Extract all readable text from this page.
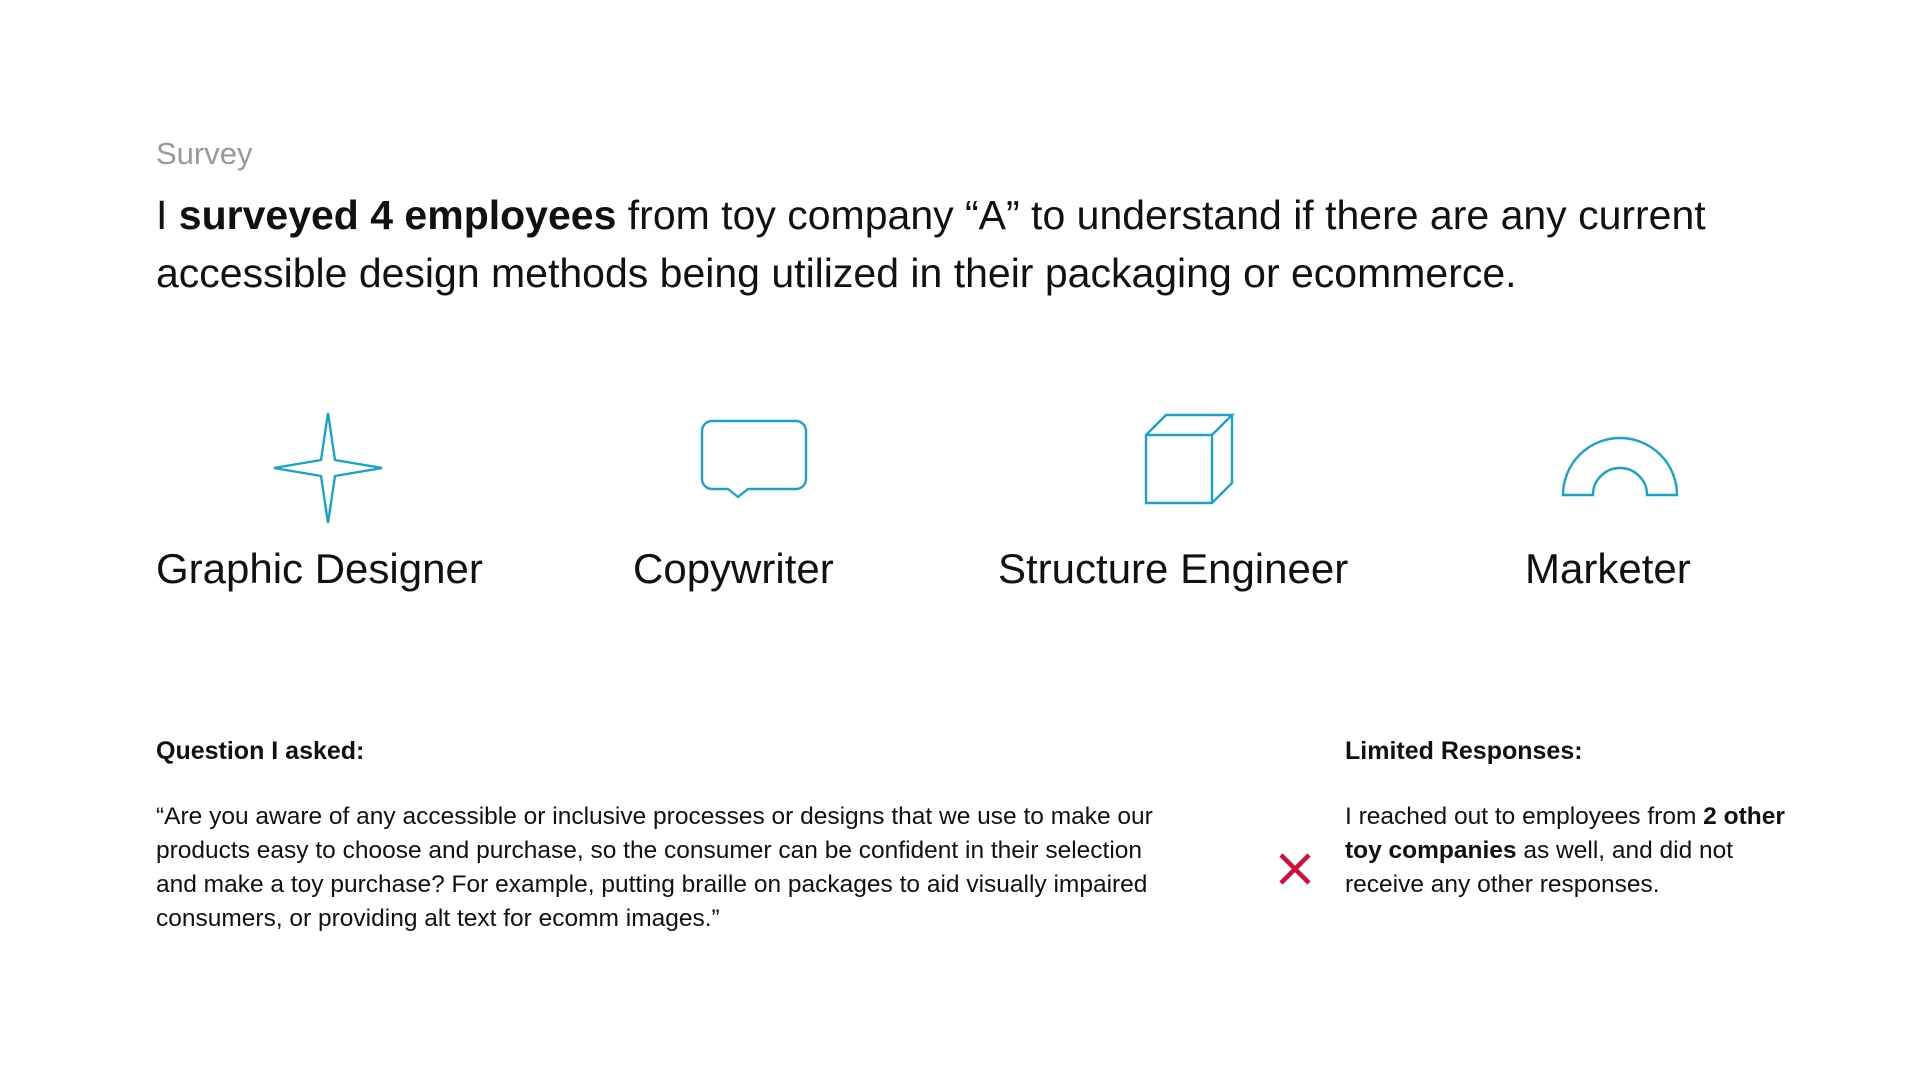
Survey
I surveyed 4 employees from toy company “A” to understand if there are any current accessible design methods being utilized in their packaging or ecommerce.
Graphic Designer	Copywriter	Structure Engineer	Marketer

Question I asked:

“Are you aware of any accessible or inclusive processes or designs that we use to make our products easy to choose and purchase, so the consumer can be confident in their selection and make a toy purchase? For example, putting braille on packages to aid visually impaired consumers, or providing alt text for ecomm images.”

Limited Responses:

I reached out to employees from 2 other toy companies as well, and did not receive any other responses.
